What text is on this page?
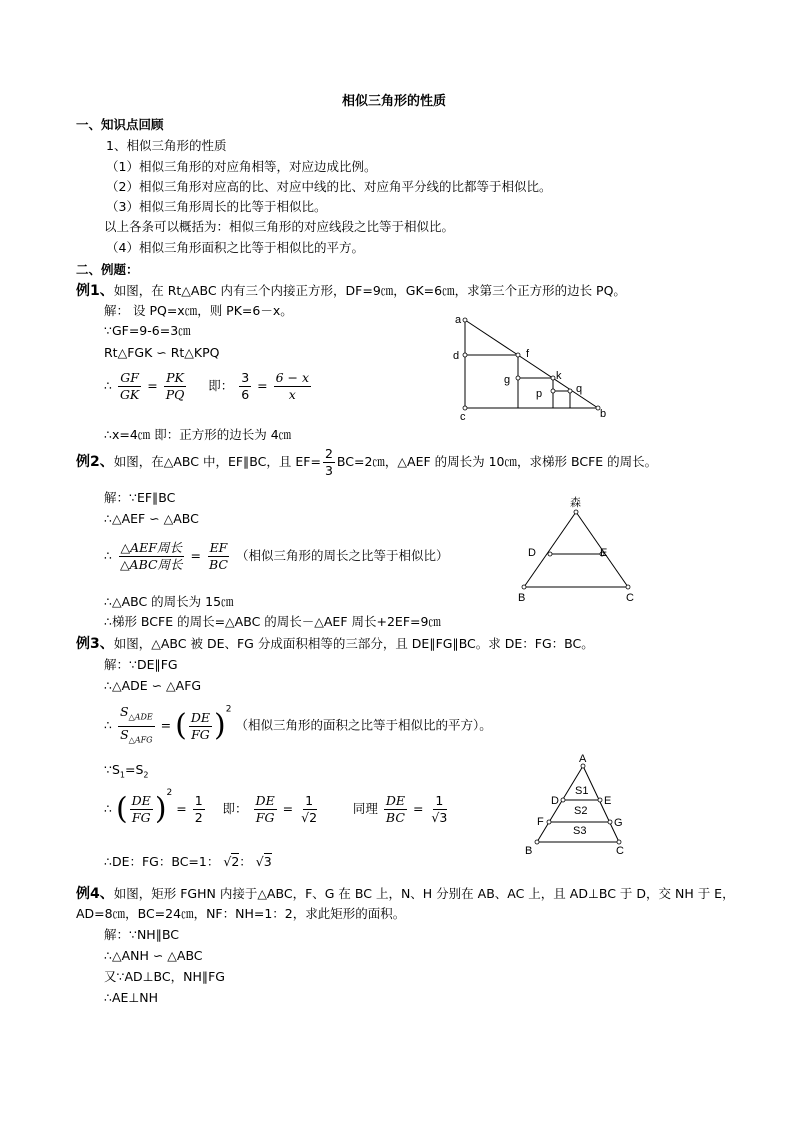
相似三角形的性质
一、知识点回顾
1、相似三角形的性质
（1）相似三角形的对应角相等，对应边成比例。
（2）相似三角形对应高的比、对应中线的比、对应角平分线的比都等于相似比。
（3）相似三角形周长的比等于相似比。
以上各条可以概括为：相似三角形的对应线段之比等于相似比。
（4）相似三角形面积之比等于相似比的平方。
二、例题：
例1、如图，在 Rt△ABC 内有三个内接正方形，DF=9㎝，GK=6㎝，求第三个正方形的边长 PQ。
解： 设 PQ=x㎝，则 PK=6－x。
∵GF=9-6=3㎝
Rt△FGK ∽ Rt△KPQ
∴ $\frac{GF}{GK} = \frac{PK}{PQ}$ 即： $\frac{3}{6} = \frac{6 - x}{x}$
∴x=4㎝ 即：正方形的边长为 4㎝
a
d	f
g	k
q
p
c	b
例2、如图，在△ABC 中，EF∥BC，且 $EF= \frac{2}{3}$ BC=2㎝，△AEF 的周长为 10㎝，求梯形 BCFE 的周长。
解：∵EF∥BC
∴△AEF ∽ △ABC
∴ $\frac{\text{△AEF周长}}{\text{△ABC周长}} = \frac{EF}{BC}$ （相似三角形的周长之比等于相似比）
∴△ABC 的周长为 15㎝
∴梯形 BCFE 的周长=△ABC 的周长－△AEF 周长+2EF=9㎝
森
D	E
B	C
例3、如图，△ABC 被 DE、FG 分成面积相等的三部分，且 DE∥FG∥BC。求 DE：FG：BC。
解：∵DE∥FG
∴△ADE ∽ △AFG
∴ $\frac{S_{\triangle ADE}}{S_{\triangle AFG}}$ = ( $\frac{DE}{FG} )^2$ （相似三角形的面积之比等于相似比的平方）。
$\because S_1=S_2$
∴ ( $\frac{DE}{FG} )^2 = \frac{1}{2}$ 即： $\frac{DE}{FG} = \frac{1}{√2}$	同理 $\frac{DE}{BC} = \frac{1}{√3}$
∴DE：FG：BC=1： √2： √3
A
D	E
F	G
B	C
S1
S2
S3
例4、如图，矩形 FGHN 内接于△ABC，F、G 在 BC 上，N、H 分别在 AB、AC 上，且 AD⊥BC 于 D，交 NH 于 E，
AD=8㎝，BC=24㎝，NF：NH=1：2，求此矩形的面积。
解：∵NH∥BC
∴△ANH ∽ △ABC
又∵AD⊥BC，NH∥FG
∴AE⊥NH
